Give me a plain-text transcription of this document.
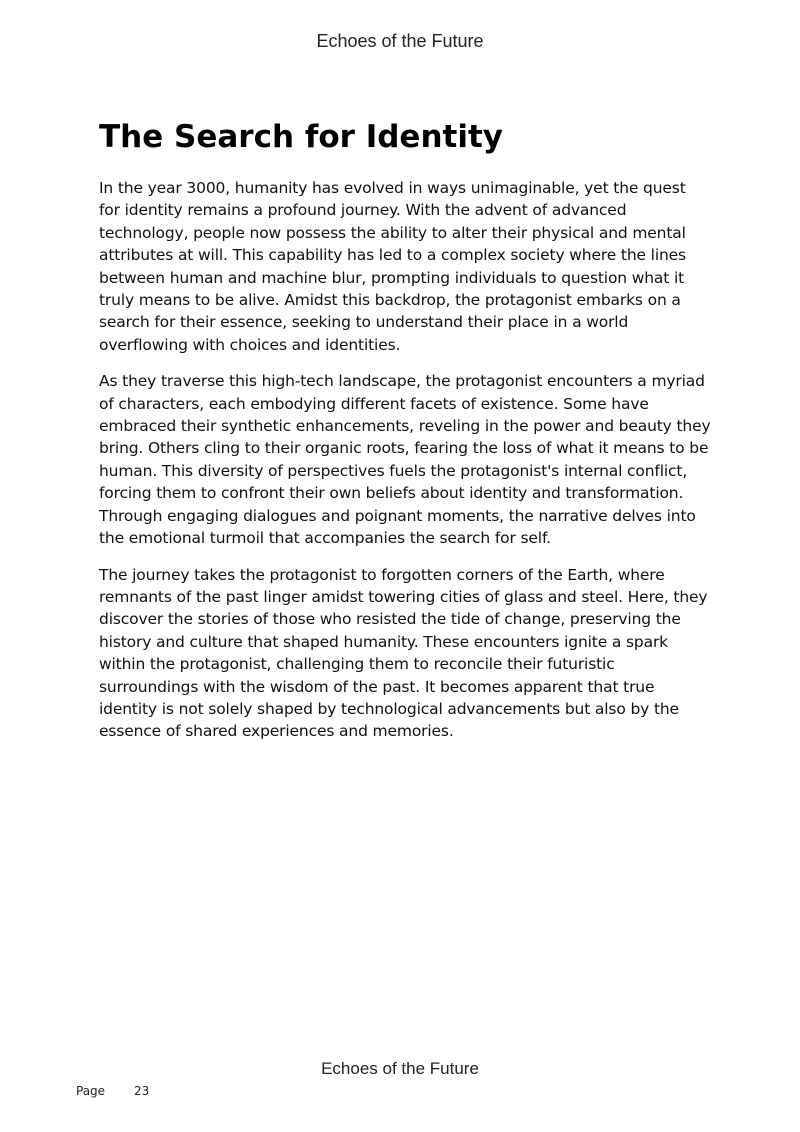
Echoes of the Future
The Search for Identity

In the year 3000, humanity has evolved in ways unimaginable, yet the quest for identity remains a profound journey. With the advent of advanced technology, people now possess the ability to alter their physical and mental attributes at will. This capability has led to a complex society where the lines between human and machine blur, prompting individuals to question what it truly means to be alive. Amidst this backdrop, the protagonist embarks on a search for their essence, seeking to understand their place in a world overflowing with choices and identities.

As they traverse this high-tech landscape, the protagonist encounters a myriad of characters, each embodying different facets of existence. Some have embraced their synthetic enhancements, reveling in the power and beauty they bring. Others cling to their organic roots, fearing the loss of what it means to be human. This diversity of perspectives fuels the protagonist's internal conflict, forcing them to confront their own beliefs about identity and transformation. Through engaging dialogues and poignant moments, the narrative delves into the emotional turmoil that accompanies the search for self.

The journey takes the protagonist to forgotten corners of the Earth, where remnants of the past linger amidst towering cities of glass and steel. Here, they discover the stories of those who resisted the tide of change, preserving the history and culture that shaped humanity. These encounters ignite a spark within the protagonist, challenging them to reconcile their futuristic surroundings with the wisdom of the past. It becomes apparent that true identity is not solely shaped by technological advancements but also by the essence of shared experiences and memories.

Echoes of the Future
Page 23
